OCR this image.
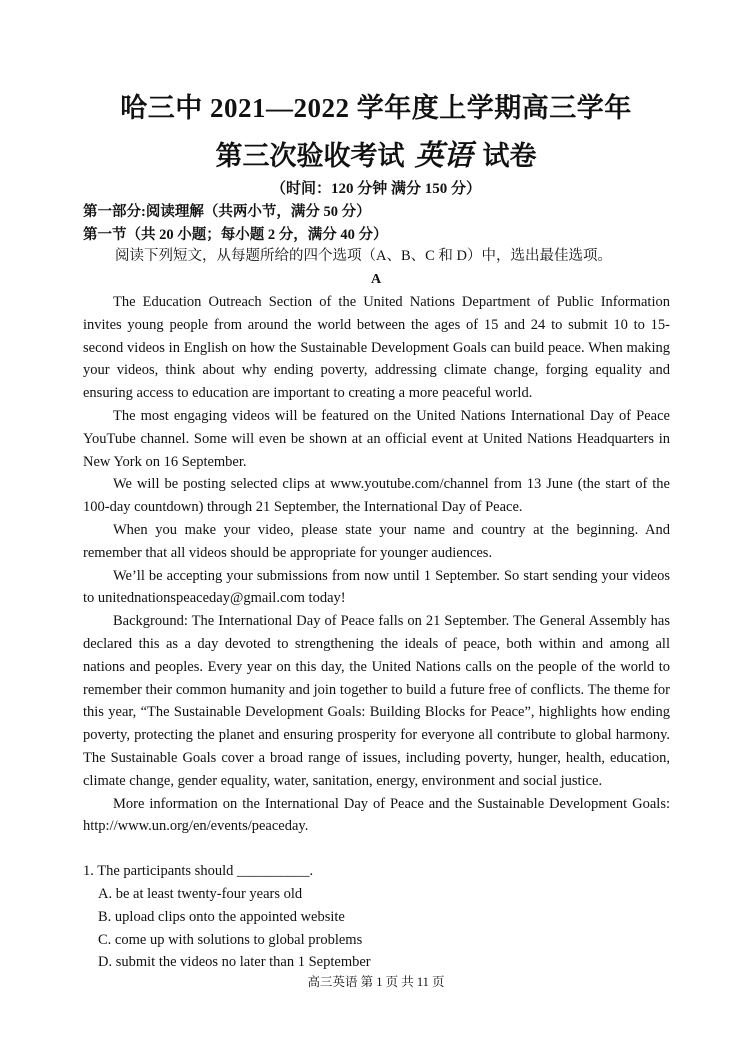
哈三中 2021—2022 学年度上学期高三学年
第三次验收考试 英语 试卷
（时间：120 分钟 满分 150 分）
第一部分:阅读理解（共两小节，满分 50 分）
第一节（共 20 小题；每小题 2 分，满分 40 分）
阅读下列短文，从每题所给的四个选项（A、B、C 和 D）中，选出最佳选项。
A

The Education Outreach Section of the United Nations Department of Public Information invites young people from around the world between the ages of 15 and 24 to submit 10 to 15-second videos in English on how the Sustainable Development Goals can build peace. When making your videos, think about why ending poverty, addressing climate change, forging equality and ensuring access to education are important to creating a more peaceful world.

The most engaging videos will be featured on the United Nations International Day of Peace YouTube channel. Some will even be shown at an official event at United Nations Headquarters in New York on 16 September.

We will be posting selected clips at www.youtube.com/channel from 13 June (the start of the 100-day countdown) through 21 September, the International Day of Peace.

When you make your video, please state your name and country at the beginning. And remember that all videos should be appropriate for younger audiences.

We’ll be accepting your submissions from now until 1 September. So start sending your videos to unitednationspeaceday@gmail.com today!

Background: The International Day of Peace falls on 21 September. The General Assembly has declared this as a day devoted to strengthening the ideals of peace, both within and among all nations and peoples. Every year on this day, the United Nations calls on the people of the world to remember their common humanity and join together to build a future free of conflicts. The theme for this year, “The Sustainable Development Goals: Building Blocks for Peace”, highlights how ending poverty, protecting the planet and ensuring prosperity for everyone all contribute to global harmony. The Sustainable Goals cover a broad range of issues, including poverty, hunger, health, education, climate change, gender equality, water, sanitation, energy, environment and social justice.

More information on the International Day of Peace and the Sustainable Development Goals: http://www.un.org/en/events/peaceday.

1. The participants should __________.
A. be at least twenty-four years old
B. upload clips onto the appointed website
C. come up with solutions to global problems
D. submit the videos no later than 1 September
高三英语 第 1 页 共 11 页
